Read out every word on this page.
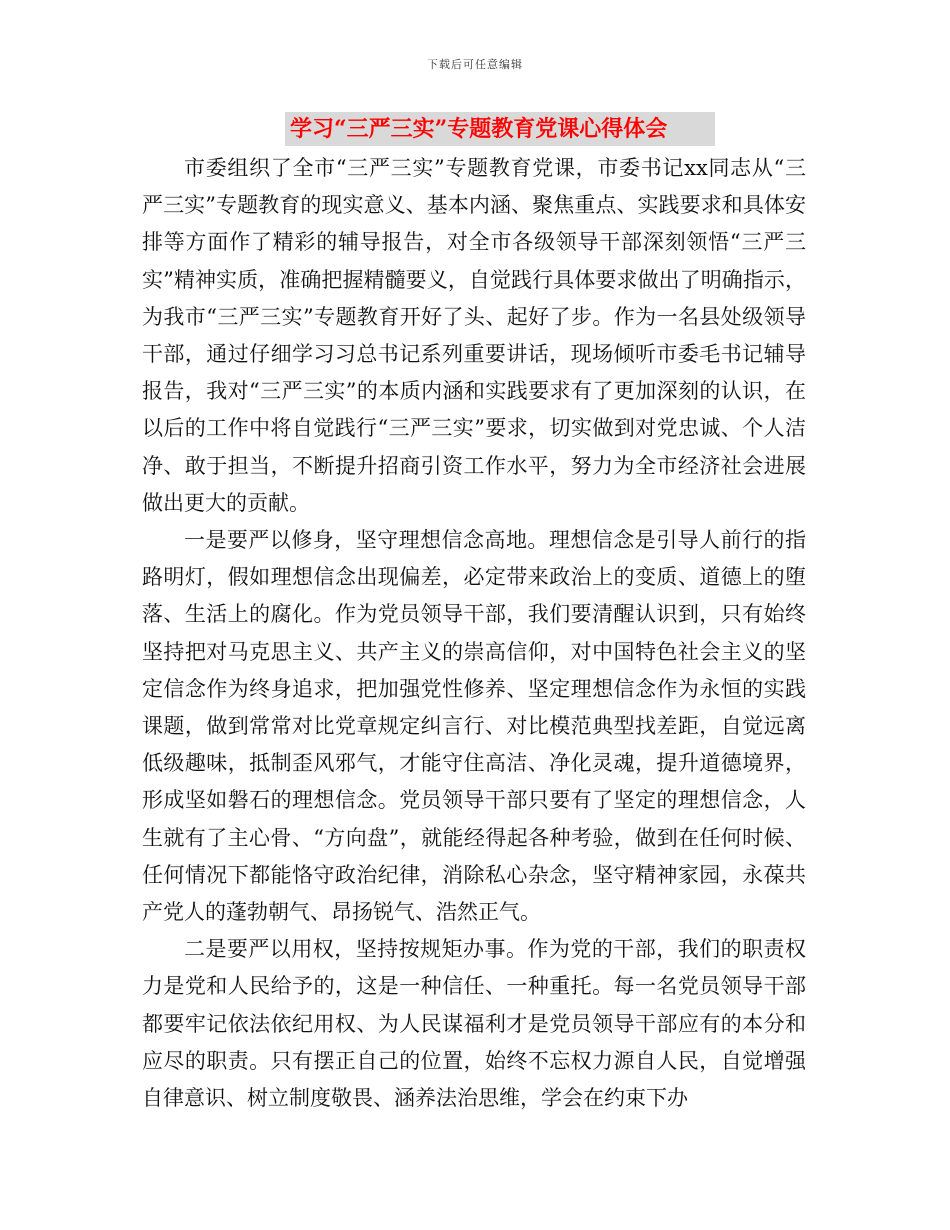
下载后可任意编辑
学习“三严三实”专题教育党课心得体会

市委组织了全市“三严三实”专题教育党课，市委书记xx同志从“三严三实”专题教育的现实意义、基本内涵、聚焦重点、实践要求和具体安排等方面作了精彩的辅导报告，对全市各级领导干部深刻领悟“三严三实”精神实质，准确把握精髓要义，自觉践行具体要求做出了明确指示，为我市“三严三实”专题教育开好了头、起好了步。作为一名县处级领导干部，通过仔细学习习总书记系列重要讲话，现场倾听市委毛书记辅导报告，我对“三严三实”的本质内涵和实践要求有了更加深刻的认识，在以后的工作中将自觉践行“三严三实”要求，切实做到对党忠诚、个人洁净、敢于担当，不断提升招商引资工作水平，努力为全市经济社会进展做出更大的贡献。

一是要严以修身，坚守理想信念高地。理想信念是引导人前行的指路明灯，假如理想信念出现偏差，必定带来政治上的变质、道德上的堕落、生活上的腐化。作为党员领导干部，我们要清醒认识到，只有始终坚持把对马克思主义、共产主义的崇高信仰，对中国特色社会主义的坚定信念作为终身追求，把加强党性修养、坚定理想信念作为永恒的实践课题，做到常常对比党章规定纠言行、对比模范典型找差距，自觉远离低级趣味，抵制歪风邪气，才能守住高洁、净化灵魂，提升道德境界，形成坚如磐石的理想信念。党员领导干部只要有了坚定的理想信念，人生就有了主心骨、“方向盘”，就能经得起各种考验，做到在任何时候、任何情况下都能恪守政治纪律，消除私心杂念，坚守精神家园，永葆共产党人的蓬勃朝气、昂扬锐气、浩然正气。

二是要严以用权，坚持按规矩办事。作为党的干部，我们的职责权力是党和人民给予的，这是一种信任、一种重托。每一名党员领导干部都要牢记依法依纪用权、为人民谋福利才是党员领导干部应有的本分和应尽的职责。只有摆正自己的位置，始终不忘权力源自人民，自觉增强自律意识、树立制度敬畏、涵养法治思维，学会在约束下办
